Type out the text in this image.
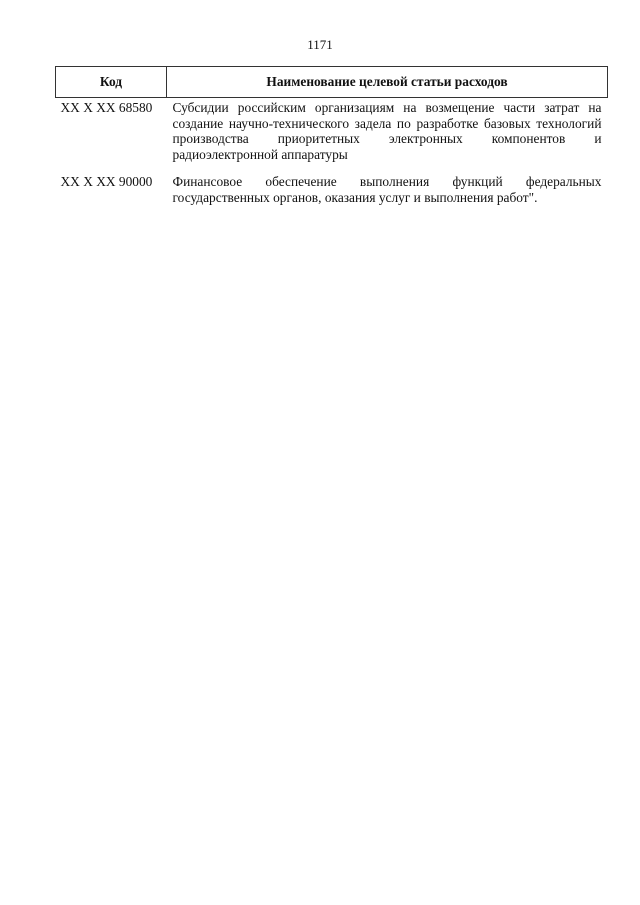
1171
Код	Наименование целевой статьи расходов
XX X XX 68580	Субсидии российским организациям на возмещение части затрат на создание научно-технического задела по разработке базовых технологий производства приоритетных электронных компонентов и радиоэлектронной аппаратуры
XX X XX 90000	Финансовое обеспечение выполнения функций федеральных государственных органов, оказания услуг и выполнения работ".
